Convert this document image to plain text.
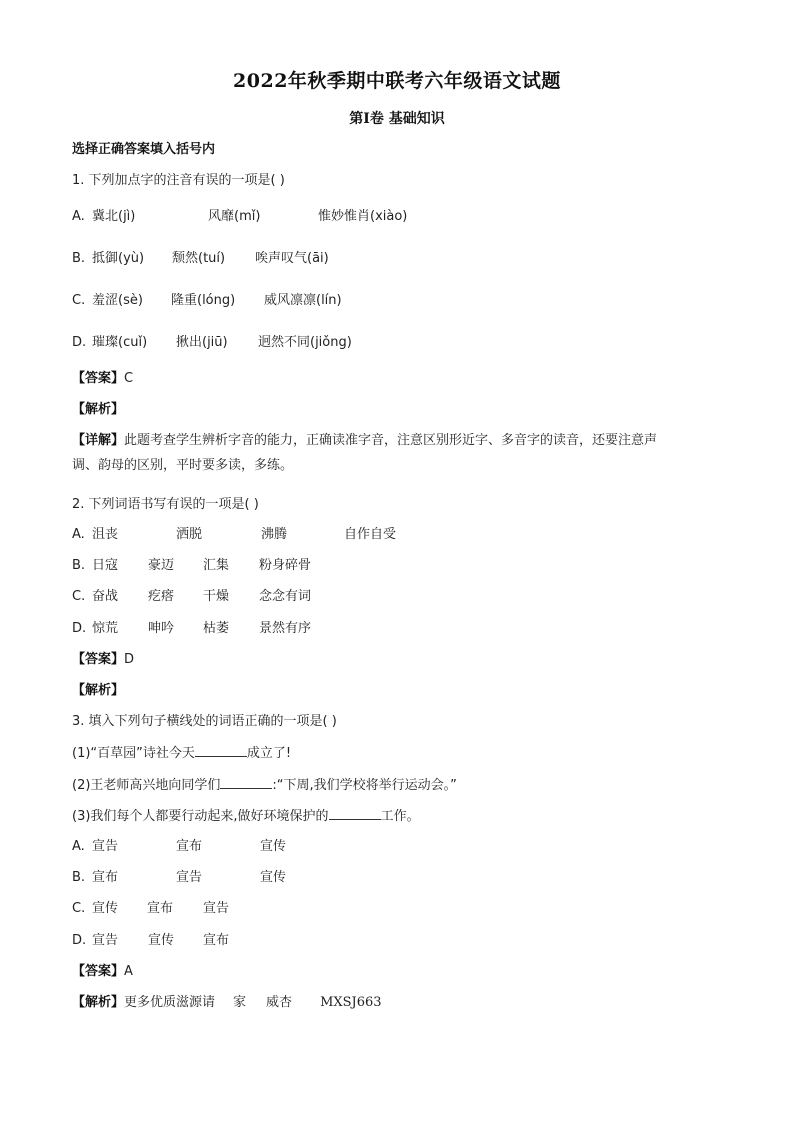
2022年秋季期中联考六年级语文试题
第Ⅰ卷 基础知识
选择正确答案填入括号内
1. 下列加点字的注音有误的一项是( )
A. 冀北(jì)	风靡(mǐ)	惟妙惟肖(xiào)
B. 抵御(yù) 颓然(tuí) 唉声叹气(āi)
C. 羞涩(sè) 隆重(lóng) 威风凛凛(lín)
D. 璀璨(cuǐ) 揪出(jiū) 迥然不同(jiǒng)
【答案】C
【解析】
【详解】此题考查学生辨析字音的能力，正确读准字音，注意区别形近字、多音字的读音，还要注意声
调、韵母的区别，平时要多读，多练。
2. 下列词语书写有误的一项是( )
A. 沮丧	洒脱	沸腾	自作自受
B. 日寇 豪迈 汇集 粉身碎骨
C. 奋战 疙瘩 干燥 念念有词
D. 惊荒 呻吟 枯萎 景然有序
【答案】D
【解析】
3. 填入下列句子横线处的词语正确的一项是( )
(1)“百草园”诗社今天	成立了!
(2)王老师高兴地向同学们	:“下周,我们学校将举行运动会。”
(3)我们每个人都要行动起来,做好环境保护的	工作。
A. 宣告	宣布	宣传
B. 宣布	宣告	宣传
C. 宣传 宣布 宣告
D. 宣告 宣传 宣布
【答案】A
【解析】更多优质滋源请 家 威杏 MXSJ663
